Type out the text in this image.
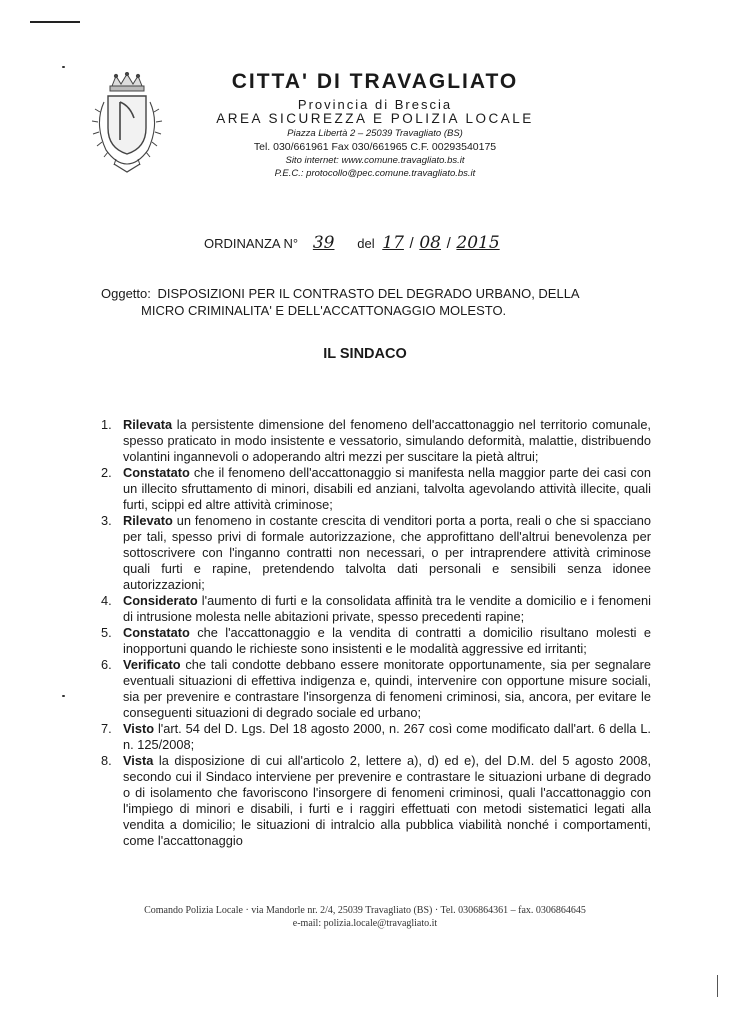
CITTA' DI TRAVAGLIATO
Provincia di Brescia
AREA SICUREZZA E POLIZIA LOCALE
Piazza Libertà 2 – 25039 Travagliato (BS)
Tel. 030/661961 Fax 030/661965 C.F. 00293540175
Sito internet: www.comune.travagliato.bs.it
P.E.C.: protocollo@pec.comune.travagliato.bs.it
ORDINANZA N° 39 del 17 / 08 / 2015
Oggetto: DISPOSIZIONI PER IL CONTRASTO DEL DEGRADO URBANO, DELLA
MICRO CRIMINALITA' E DELL'ACCATTONAGGIO MOLESTO.
IL SINDACO
1. Rilevata la persistente dimensione del fenomeno dell'accattonaggio nel territorio comunale, spesso praticato in modo insistente e vessatorio, simulando deformità, malattie, distribuendo volantini ingannevoli o adoperando altri mezzi per suscitare la pietà altrui;
2. Constatato che il fenomeno dell'accattonaggio si manifesta nella maggior parte dei casi con un illecito sfruttamento di minori, disabili ed anziani, talvolta agevolando attività illecite, quali furti, scippi ed altre attività criminose;
3. Rilevato un fenomeno in costante crescita di venditori porta a porta, reali o che si spacciano per tali, spesso privi di formale autorizzazione, che approfittano dell'altrui benevolenza per sottoscrivere con l'inganno contratti non necessari, o per intraprendere attività criminose quali furti e rapine, pretendendo talvolta dati personali e sensibili senza idonee autorizzazioni;
4. Considerato l'aumento di furti e la consolidata affinità tra le vendite a domicilio e i fenomeni di intrusione molesta nelle abitazioni private, spesso precedenti rapine;
5. Constatato che l'accattonaggio e la vendita di contratti a domicilio risultano molesti e inopportuni quando le richieste sono insistenti e le modalità aggressive ed irritanti;
6. Verificato che tali condotte debbano essere monitorate opportunamente, sia per segnalare eventuali situazioni di effettiva indigenza e, quindi, intervenire con opportune misure sociali, sia per prevenire e contrastare l'insorgenza di fenomeni criminosi, sia, ancora, per evitare le conseguenti situazioni di degrado sociale ed urbano;
7. Visto l'art. 54 del D. Lgs. Del 18 agosto 2000, n. 267 così come modificato dall'art. 6 della L. n. 125/2008;
8. Vista la disposizione di cui all'articolo 2, lettere a), d) ed e), del D.M. del 5 agosto 2008, secondo cui il Sindaco interviene per prevenire e contrastare le situazioni urbane di degrado o di isolamento che favoriscono l'insorgere di fenomeni criminosi, quali l'accattonaggio con l'impiego di minori e disabili, i furti e i raggiri effettuati con metodi sistematici legati alla vendita a domicilio; le situazioni di intralcio alla pubblica viabilità nonché i comportamenti, come l'accattonaggio
Comando Polizia Locale · via Mandorle nr. 2/4, 25039 Travagliato (BS) · Tel. 0306864361 – fax. 0306864645
e-mail: polizia.locale@travagliato.it
